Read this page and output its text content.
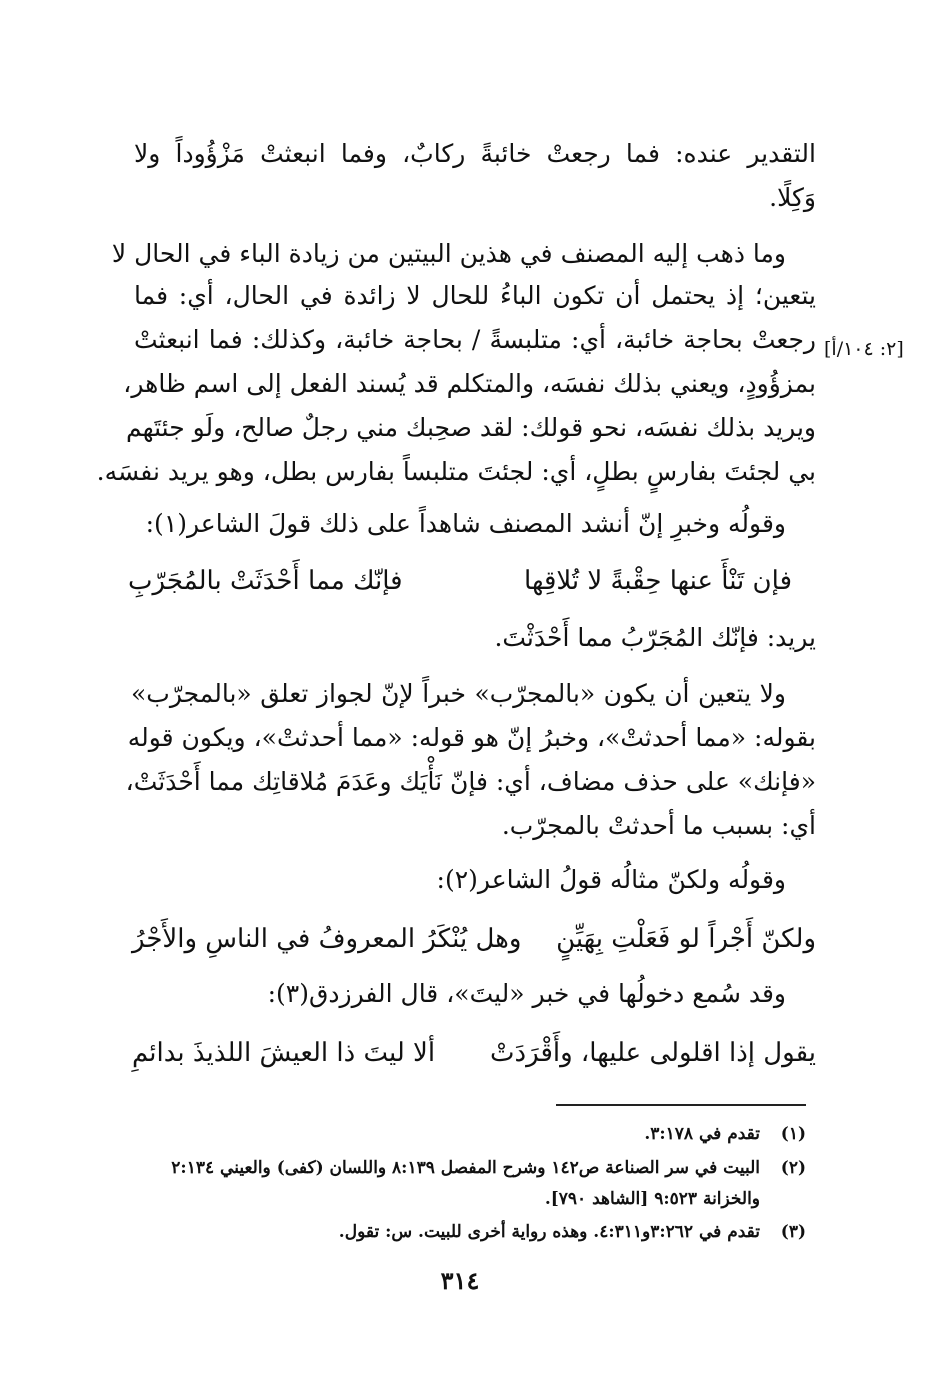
التقدير عنده: فما رجعتْ خائبةً ركابٌ، وفما انبعثتْ مَزْؤُوداً ولا
وَكِلًا.
وما ذهب إليه المصنف في هذين البيتين من زيادة الباء في الحال لا
يتعين؛ إذ يحتمل أن تكون الباءُ للحال لا زائدة في الحال، أي: فما
رجعتْ بحاجة خائبة، أي: متلبسةً / بحاجة خائبة، وكذلك: فما انبعثتْ [٢: ١٠٤/أ]
بمزؤُودٍ، ويعني بذلك نفسَه، والمتكلم قد يُسند الفعل إلى اسم ظاهر،
ويريد بذلك نفسَه، نحو قولك: لقد صحِبك مني رجلٌ صالح، ولَو جئتَهم
بي لجئتَ بفارسٍ بطلٍ، أي: لجئتَ متلبساً بفارس بطل، وهو يريد نفسَه.
وقولُه وخبرِ إنّ أنشد المصنف شاهداً على ذلك قولَ الشاعر(١):
فإن تَنْأَ عنها حِقْبةً لا تُلاقِها
فإنّك مما أَحْدَثَتْ بالمُجَرّبِ
يريد: فإنّك المُجَرّبُ مما أَحْدَثْتَ.
ولا يتعين أن يكون «بالمجرّب» خبراً لإنّ لجواز تعلق «بالمجرّب»
بقوله: «مما أحدثتْ»، وخبرُ إنّ هو قوله: «مما أحدثتْ»، ويكون قوله
«فإنك» على حذف مضاف، أي: فإنّ نَأْيَك وعَدَمَ مُلاقاتِك مما أَحْدَثَتْ،
أي: بسبب ما أحدثتْ بالمجرّب.
وقولُه ولكنّ مثالُه قولُ الشاعر(٢):
ولكنّ أَجْراً لو فَعَلْتِ بِهَيِّنٍ
وهل يُنْكَرُ المعروفُ في الناسِ والأَجْرُ
وقد سُمع دخولُها في خبر «ليتَ»، قال الفرزدق(٣):
يقول إذا اقلولى عليها، وأَقْرَدَتْ
ألا ليتَ ذا العيشَ اللذيذَ بدائمِ
(١)
تقدم في ٣:١٧٨.
(٢)
البيت في سر الصناعة ص١٤٢ وشرح المفصل ٨:١٣٩ واللسان (كفى) والعيني ٢:١٣٤
والخزانة ٩:٥٢٣ [الشاهد ٧٩٠].
(٣)
تقدم في ٣:٢٦٢و٤:٣١١. وهذه رواية أخرى للبيت. س: تقول.
٣١٤
